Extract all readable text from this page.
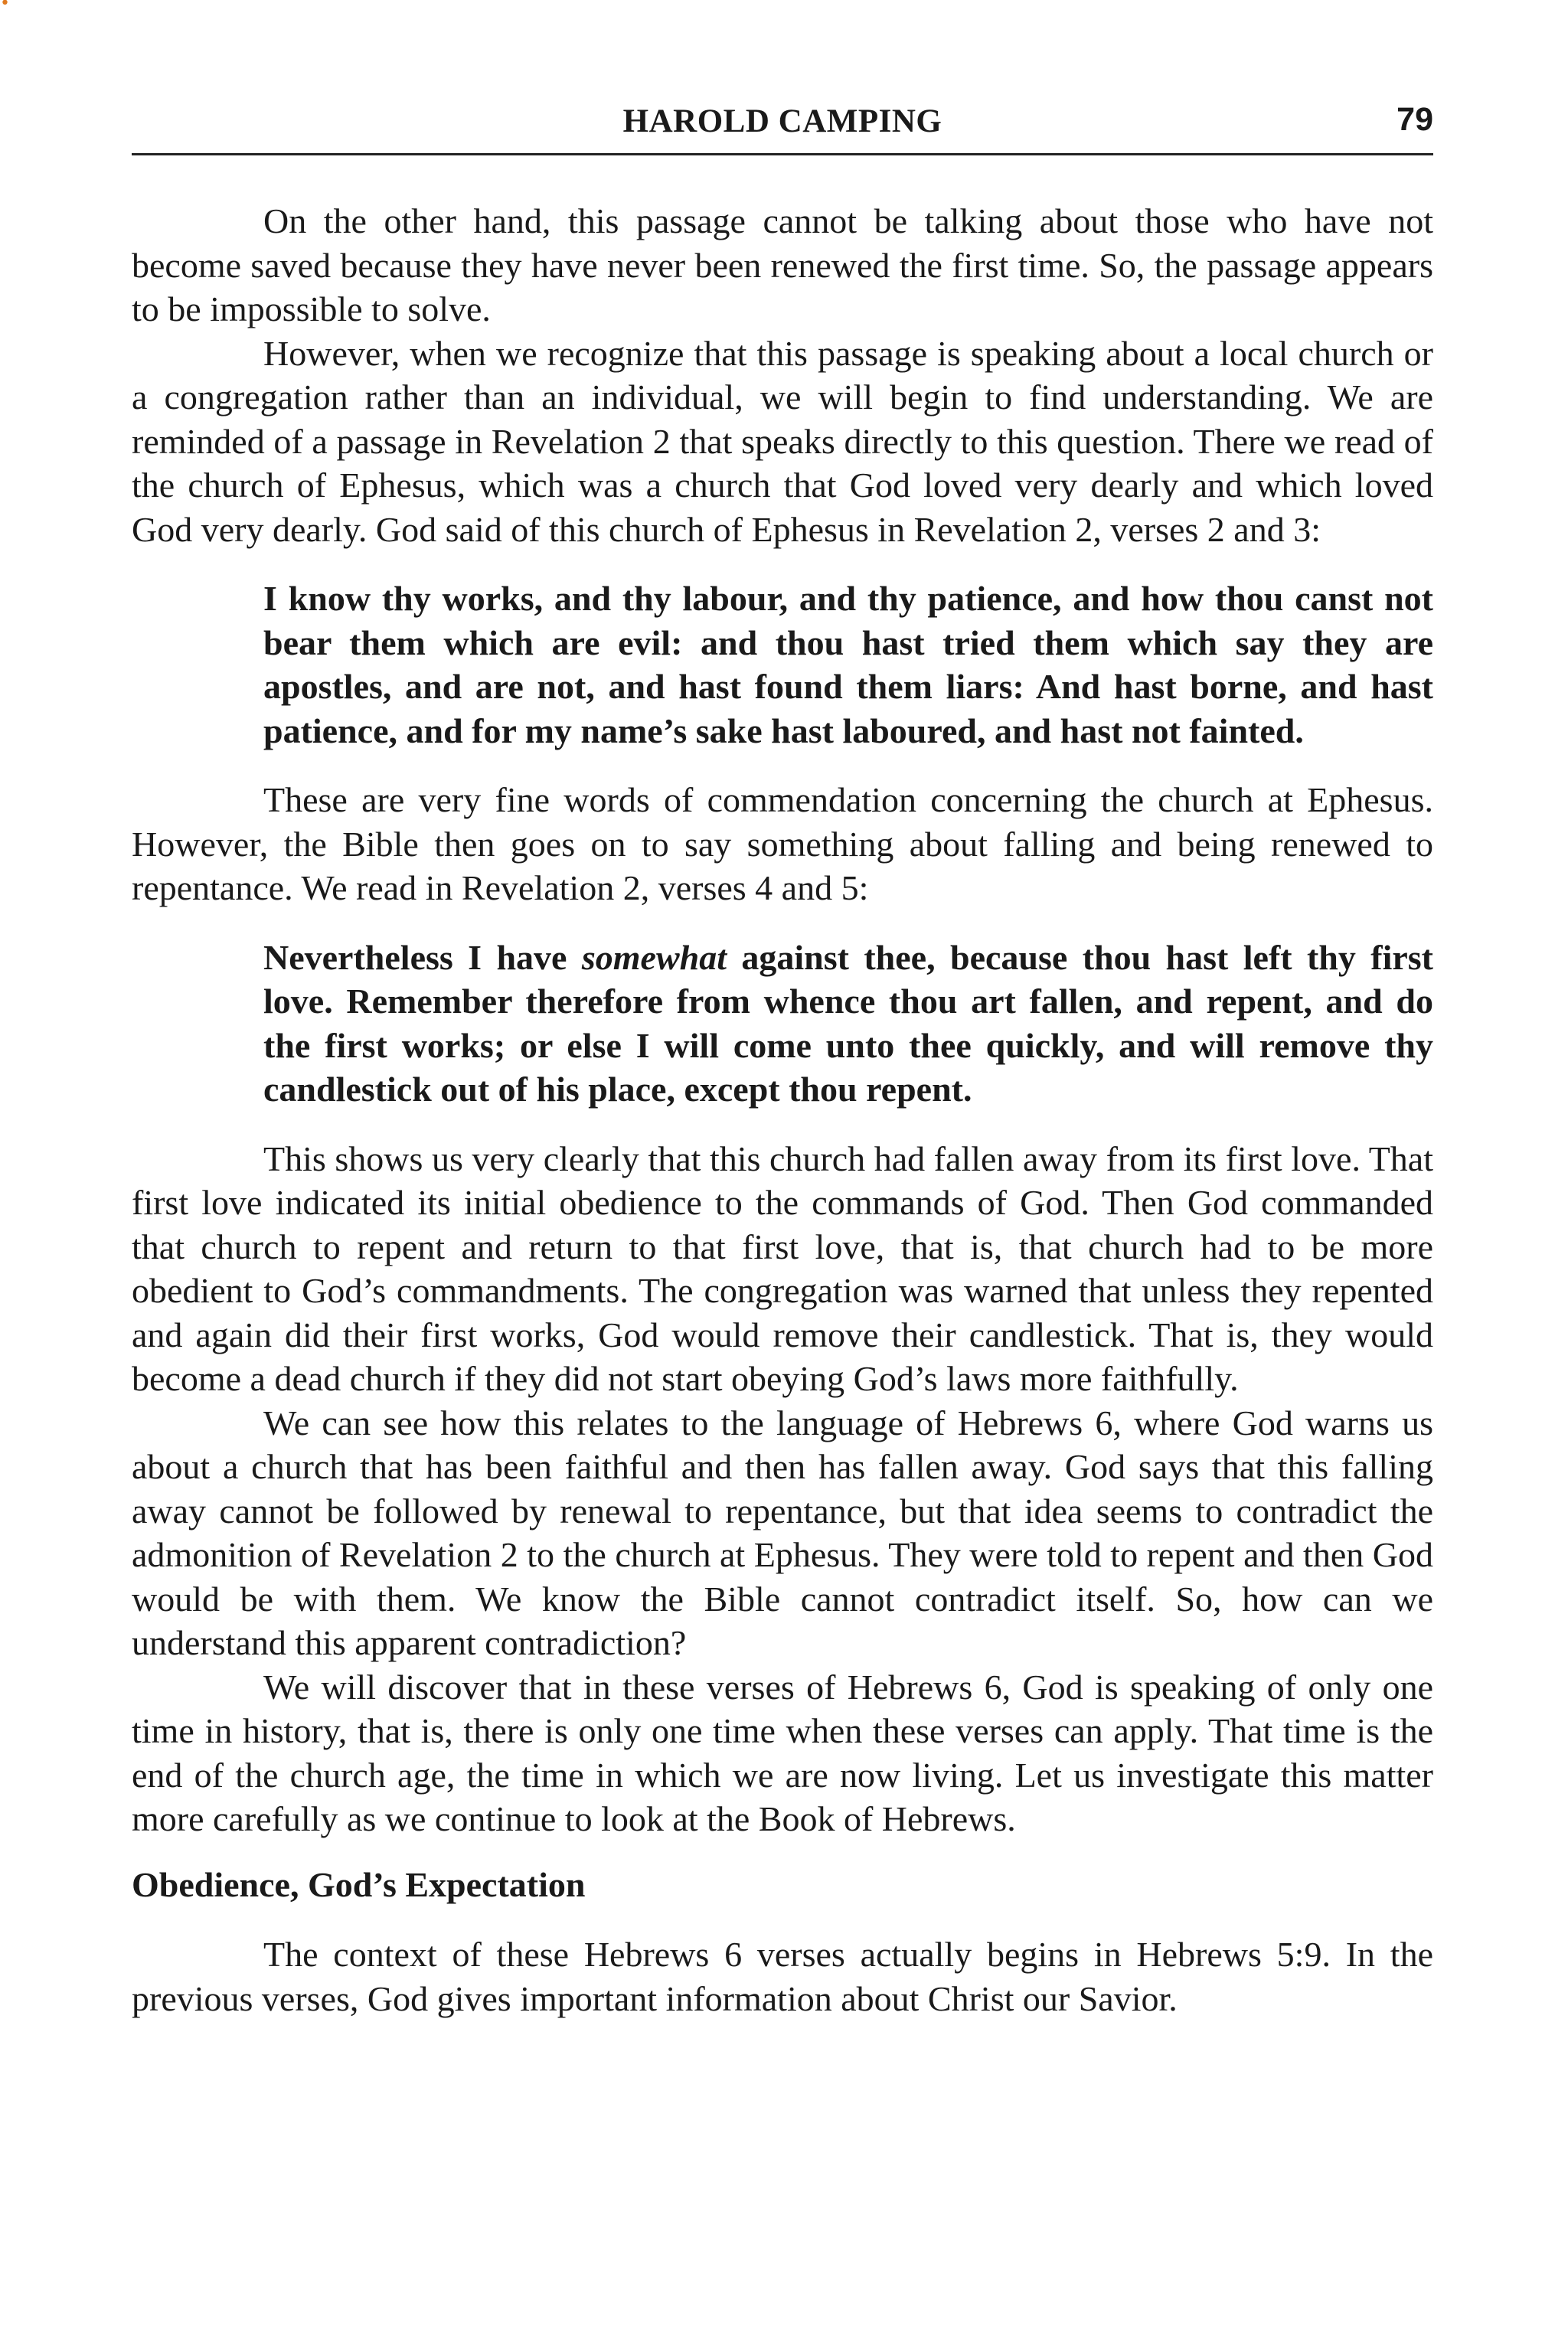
•
HAROLD CAMPING	79

On the other hand, this passage cannot be talking about those who have not become saved because they have never been renewed the first time. So, the passage appears to be impossible to solve.

However, when we recognize that this passage is speaking about a local church or a congregation rather than an individual, we will begin to find understanding. We are reminded of a passage in Revelation 2 that speaks directly to this question. There we read of the church of Ephesus, which was a church that God loved very dearly and which loved God very dearly. God said of this church of Ephesus in Revelation 2, verses 2 and 3:

I know thy works, and thy labour, and thy patience, and how thou canst not bear them which are evil: and thou hast tried them which say they are apostles, and are not, and hast found them liars: And hast borne, and hast patience, and for my name’s sake hast laboured, and hast not fainted.

These are very fine words of commendation concerning the church at Ephesus. However, the Bible then goes on to say something about falling and being renewed to repentance. We read in Revelation 2, verses 4 and 5:

Nevertheless I have somewhat against thee, because thou hast left thy first love. Remember therefore from whence thou art fallen, and repent, and do the first works; or else I will come unto thee quickly, and will remove thy candlestick out of his place, except thou repent.

This shows us very clearly that this church had fallen away from its first love. That first love indicated its initial obedience to the commands of God. Then God commanded that church to repent and return to that first love, that is, that church had to be more obedient to God’s commandments. The congregation was warned that unless they repented and again did their first works, God would remove their candlestick. That is, they would become a dead church if they did not start obeying God’s laws more faithfully.

We can see how this relates to the language of Hebrews 6, where God warns us about a church that has been faithful and then has fallen away. God says that this falling away cannot be followed by renewal to repentance, but that idea seems to contradict the admonition of Revelation 2 to the church at Ephesus. They were told to repent and then God would be with them. We know the Bible cannot contradict itself. So, how can we understand this apparent contradiction?

We will discover that in these verses of Hebrews 6, God is speaking of only one time in history, that is, there is only one time when these verses can apply. That time is the end of the church age, the time in which we are now living. Let us investigate this matter more carefully as we continue to look at the Book of Hebrews.

Obedience, God’s Expectation

The context of these Hebrews 6 verses actually begins in Hebrews 5:9. In the previous verses, God gives important information about Christ our Savior.
